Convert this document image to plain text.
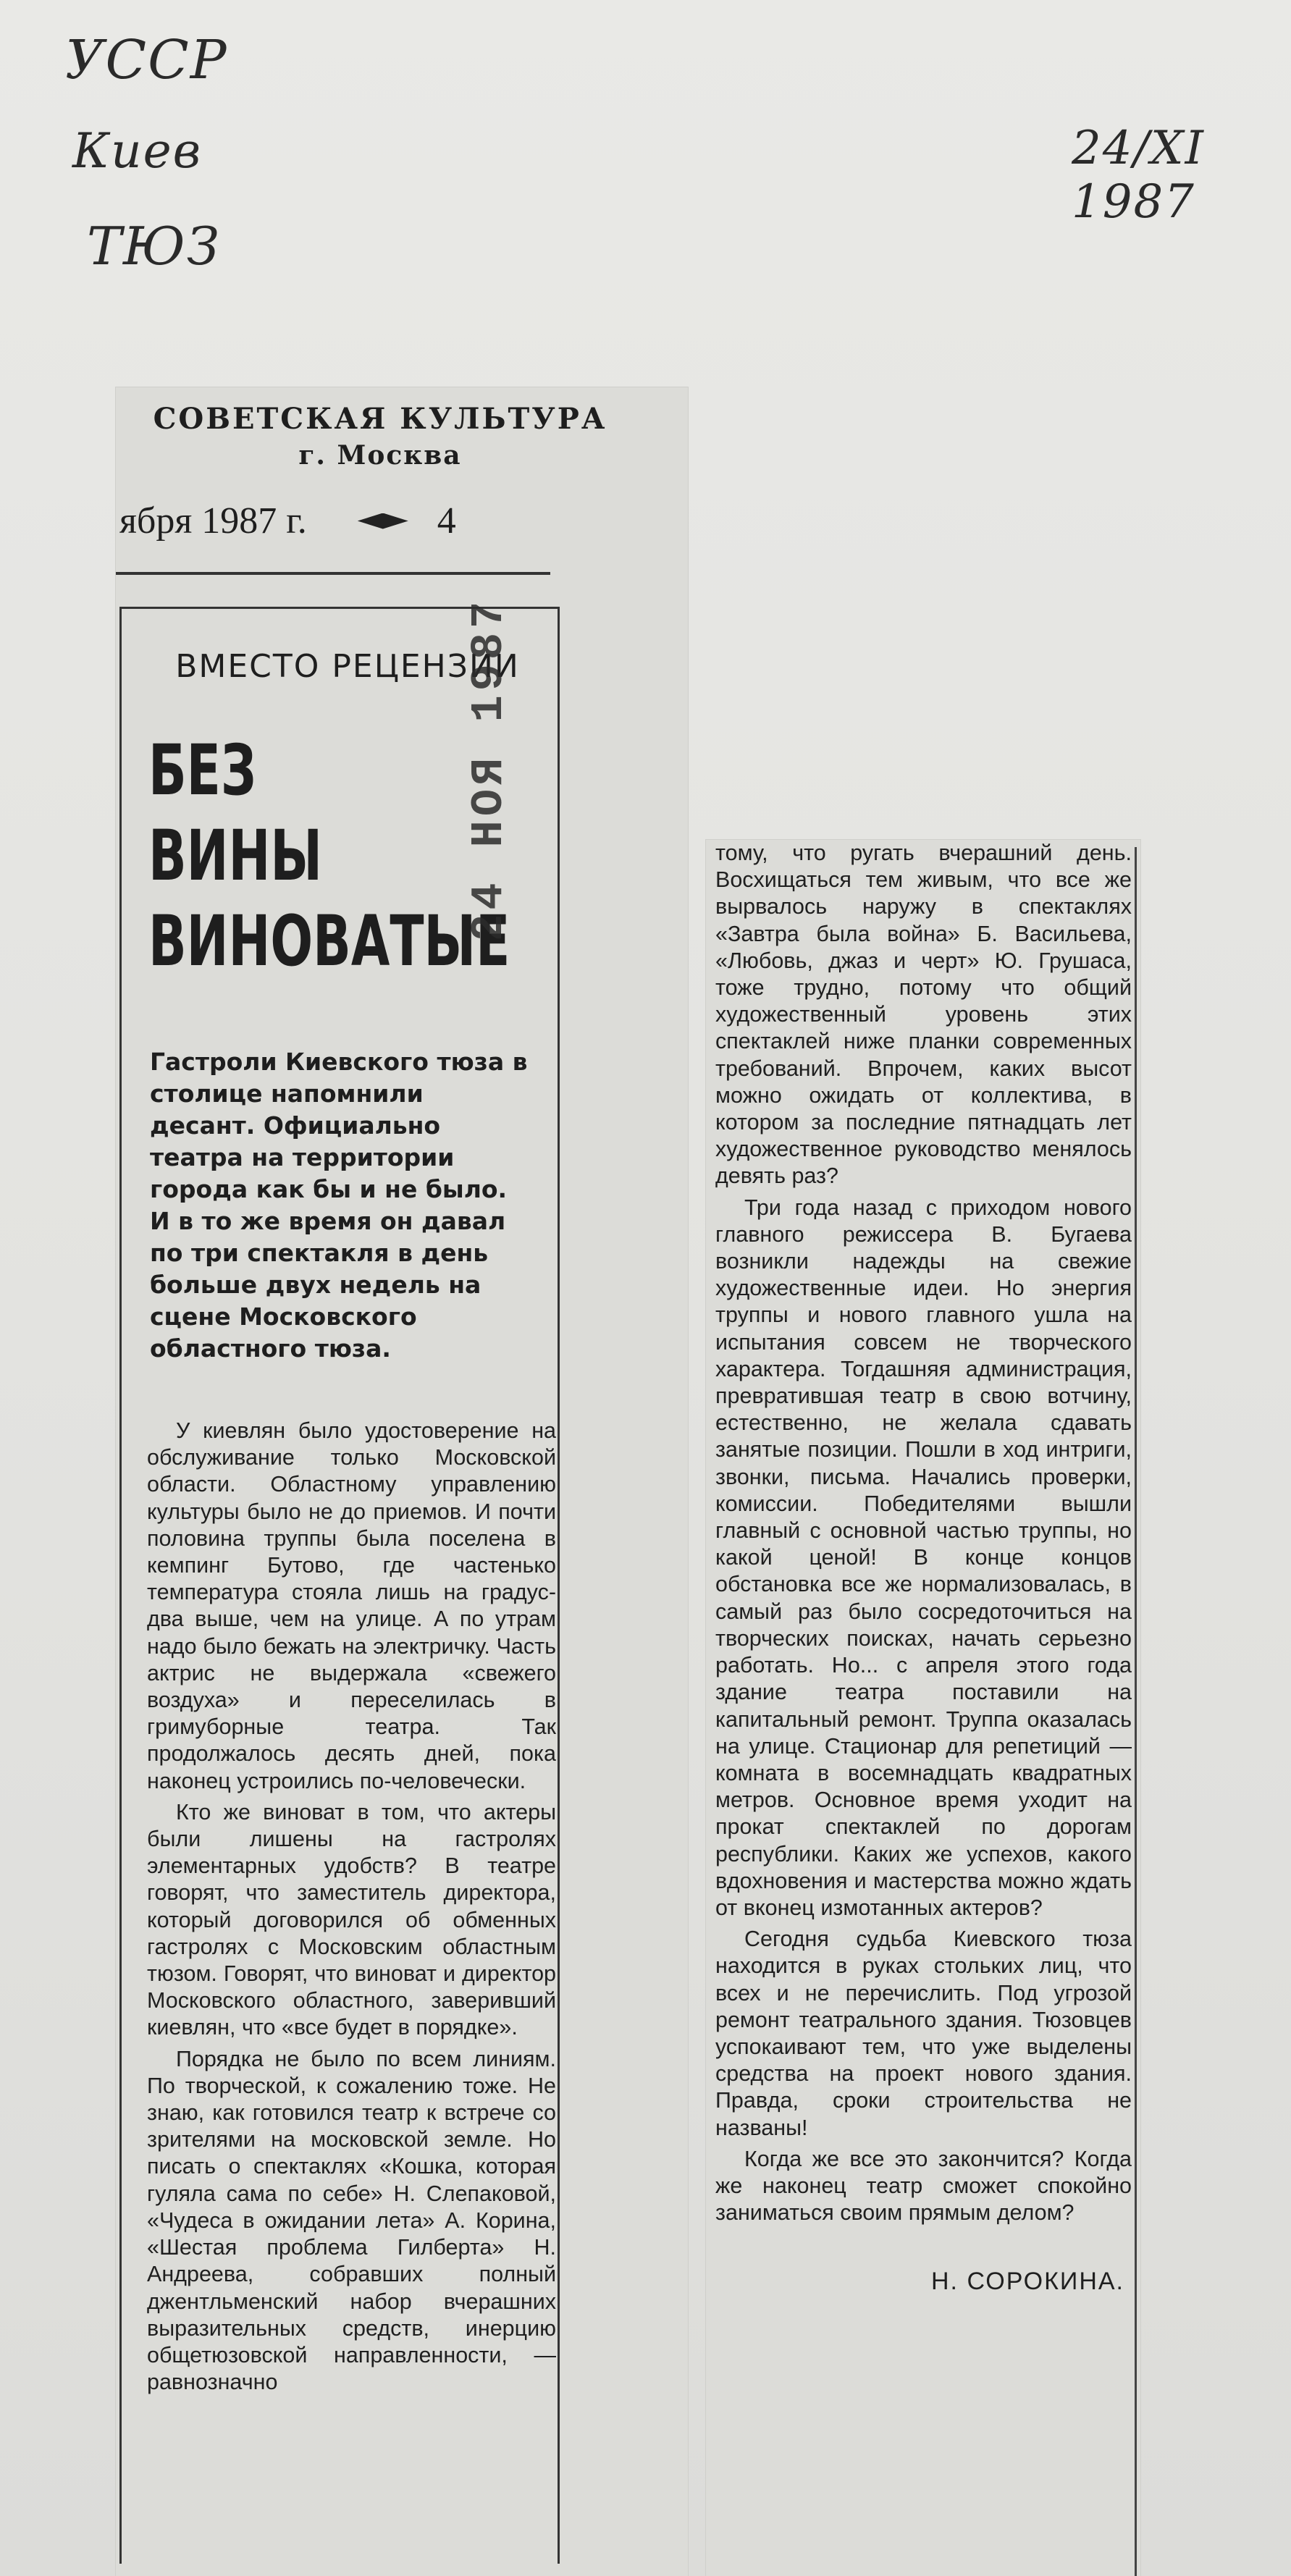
УССР
Киев
ТЮЗ
24/XI 1987
СОВЕТСКАЯ КУЛЬТУРА
г. Москва
ября 1987 г.	4
ВМЕСТО РЕЦЕНЗИИ
БЕЗ
ВИНЫ
ВИНОВАТЫЕ
24 НОЯ 1987
Гастроли Киевского тюза в столице напомнили десант. Официально театра на территории города как бы и не было. И в то же время он давал по три спектакля в день больше двух недель на сцене Московского областного тюза.

У киевлян было удостоверение на обслуживание только Московской области. Областному управлению культуры было не до приемов. И почти половина труппы была поселена в кемпинг Бутово, где частенько температура стояла лишь на градус-два выше, чем на улице. А по утрам надо было бежать на электричку. Часть актрис не выдержала «свежего воздуха» и переселилась в гримуборные театра. Так продолжалось десять дней, пока наконец устроились по-человечески.

Кто же виноват в том, что актеры были лишены на гастролях элементарных удобств? В театре говорят, что заместитель директора, который договорился об обменных гастролях с Московским областным тюзом. Говорят, что виноват и директор Московского областного, заверивший киевлян, что «все будет в порядке».

Порядка не было по всем линиям. По творческой, к сожалению тоже. Не знаю, как готовился театр к встрече со зрителями на московской земле. Но писать о спектаклях «Кошка, которая гуляла сама по себе» Н. Слепаковой, «Чудеса в ожидании лета» А. Корина, «Шестая проблема Гилберта» Н. Андреева, собравших полный джентльменский набор вчерашних выразительных средств, инерцию общетюзовской направленности, — равнозначно

тому, что ругать вчерашний день. Восхищаться тем живым, что все же вырвалось наружу в спектаклях «Завтра была война» Б. Васильева, «Любовь, джаз и черт» Ю. Грушаса, тоже трудно, потому что общий художественный уровень этих спектаклей ниже планки современных требований. Впрочем, каких высот можно ожидать от коллектива, в котором за последние пятнадцать лет художественное руководство менялось девять раз?

Три года назад с приходом нового главного режиссера В. Бугаева возникли надежды на свежие художественные идеи. Но энергия труппы и нового главного ушла на испытания совсем не творческого характера. Тогдашняя администрация, превратившая театр в свою вотчину, естественно, не желала сдавать занятые позиции. Пошли в ход интриги, звонки, письма. Начались проверки, комиссии. Победителями вышли главный с основной частью труппы, но какой ценой! В конце концов обстановка все же нормализовалась, в самый раз было сосредоточиться на творческих поисках, начать серьезно работать. Но... с апреля этого года здание театра поставили на капитальный ремонт. Труппа оказалась на улице. Стационар для репетиций — комната в восемнадцать квадратных метров. Основное время уходит на прокат спектаклей по дорогам республики. Каких же успехов, какого вдохновения и мастерства можно ждать от вконец измотанных актеров?

Сегодня судьба Киевского тюза находится в руках стольких лиц, что всех и не перечислить. Под угрозой ремонт театрального здания. Тюзовцев успокаивают тем, что уже выделены средства на проект нового здания. Правда, сроки строительства не названы!

Когда же все это закончится? Когда же наконец театр сможет спокойно заниматься своим прямым делом?

Н. СОРОКИНА.
